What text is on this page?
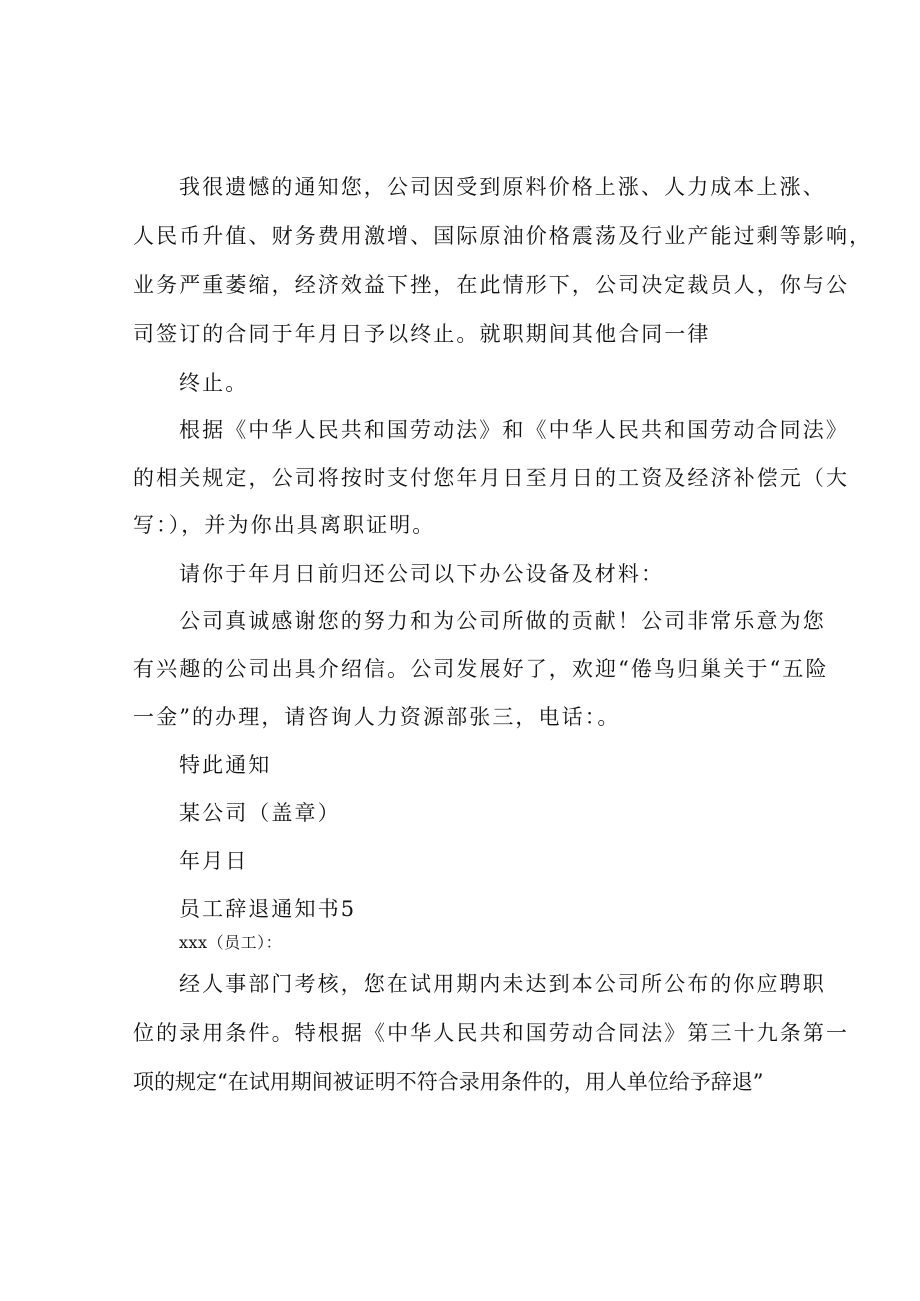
我很遗憾的通知您，公司因受到原料价格上涨、人力成本上涨、
人民币升值、财务费用激增、国际原油价格震荡及行业产能过剩等影响，
业务严重萎缩，经济效益下挫，在此情形下，公司决定裁员人，你与公
司签订的合同于年月日予以终止。就职期间其他合同一律
终止。
根据《中华人民共和国劳动法》和《中华人民共和国劳动合同法》
的相关规定，公司将按时支付您年月日至月日的工资及经济补偿元（大
写：），并为你出具离职证明。
请你于年月日前归还公司以下办公设备及材料：
公司真诚感谢您的努力和为公司所做的贡献！公司非常乐意为您
有兴趣的公司出具介绍信。公司发展好了，欢迎“倦鸟归巢关于“五险
一金”的办理，请咨询人力资源部张三，电话：。
特此通知
某公司（盖章）
年月日
员工辞退通知书5
xxx（员工）：
经人事部门考核，您在试用期内未达到本公司所公布的你应聘职
位的录用条件。特根据《中华人民共和国劳动合同法》第三十九条第一
项的规定“在试用期间被证明不符合录用条件的，用人单位给予辞退”
